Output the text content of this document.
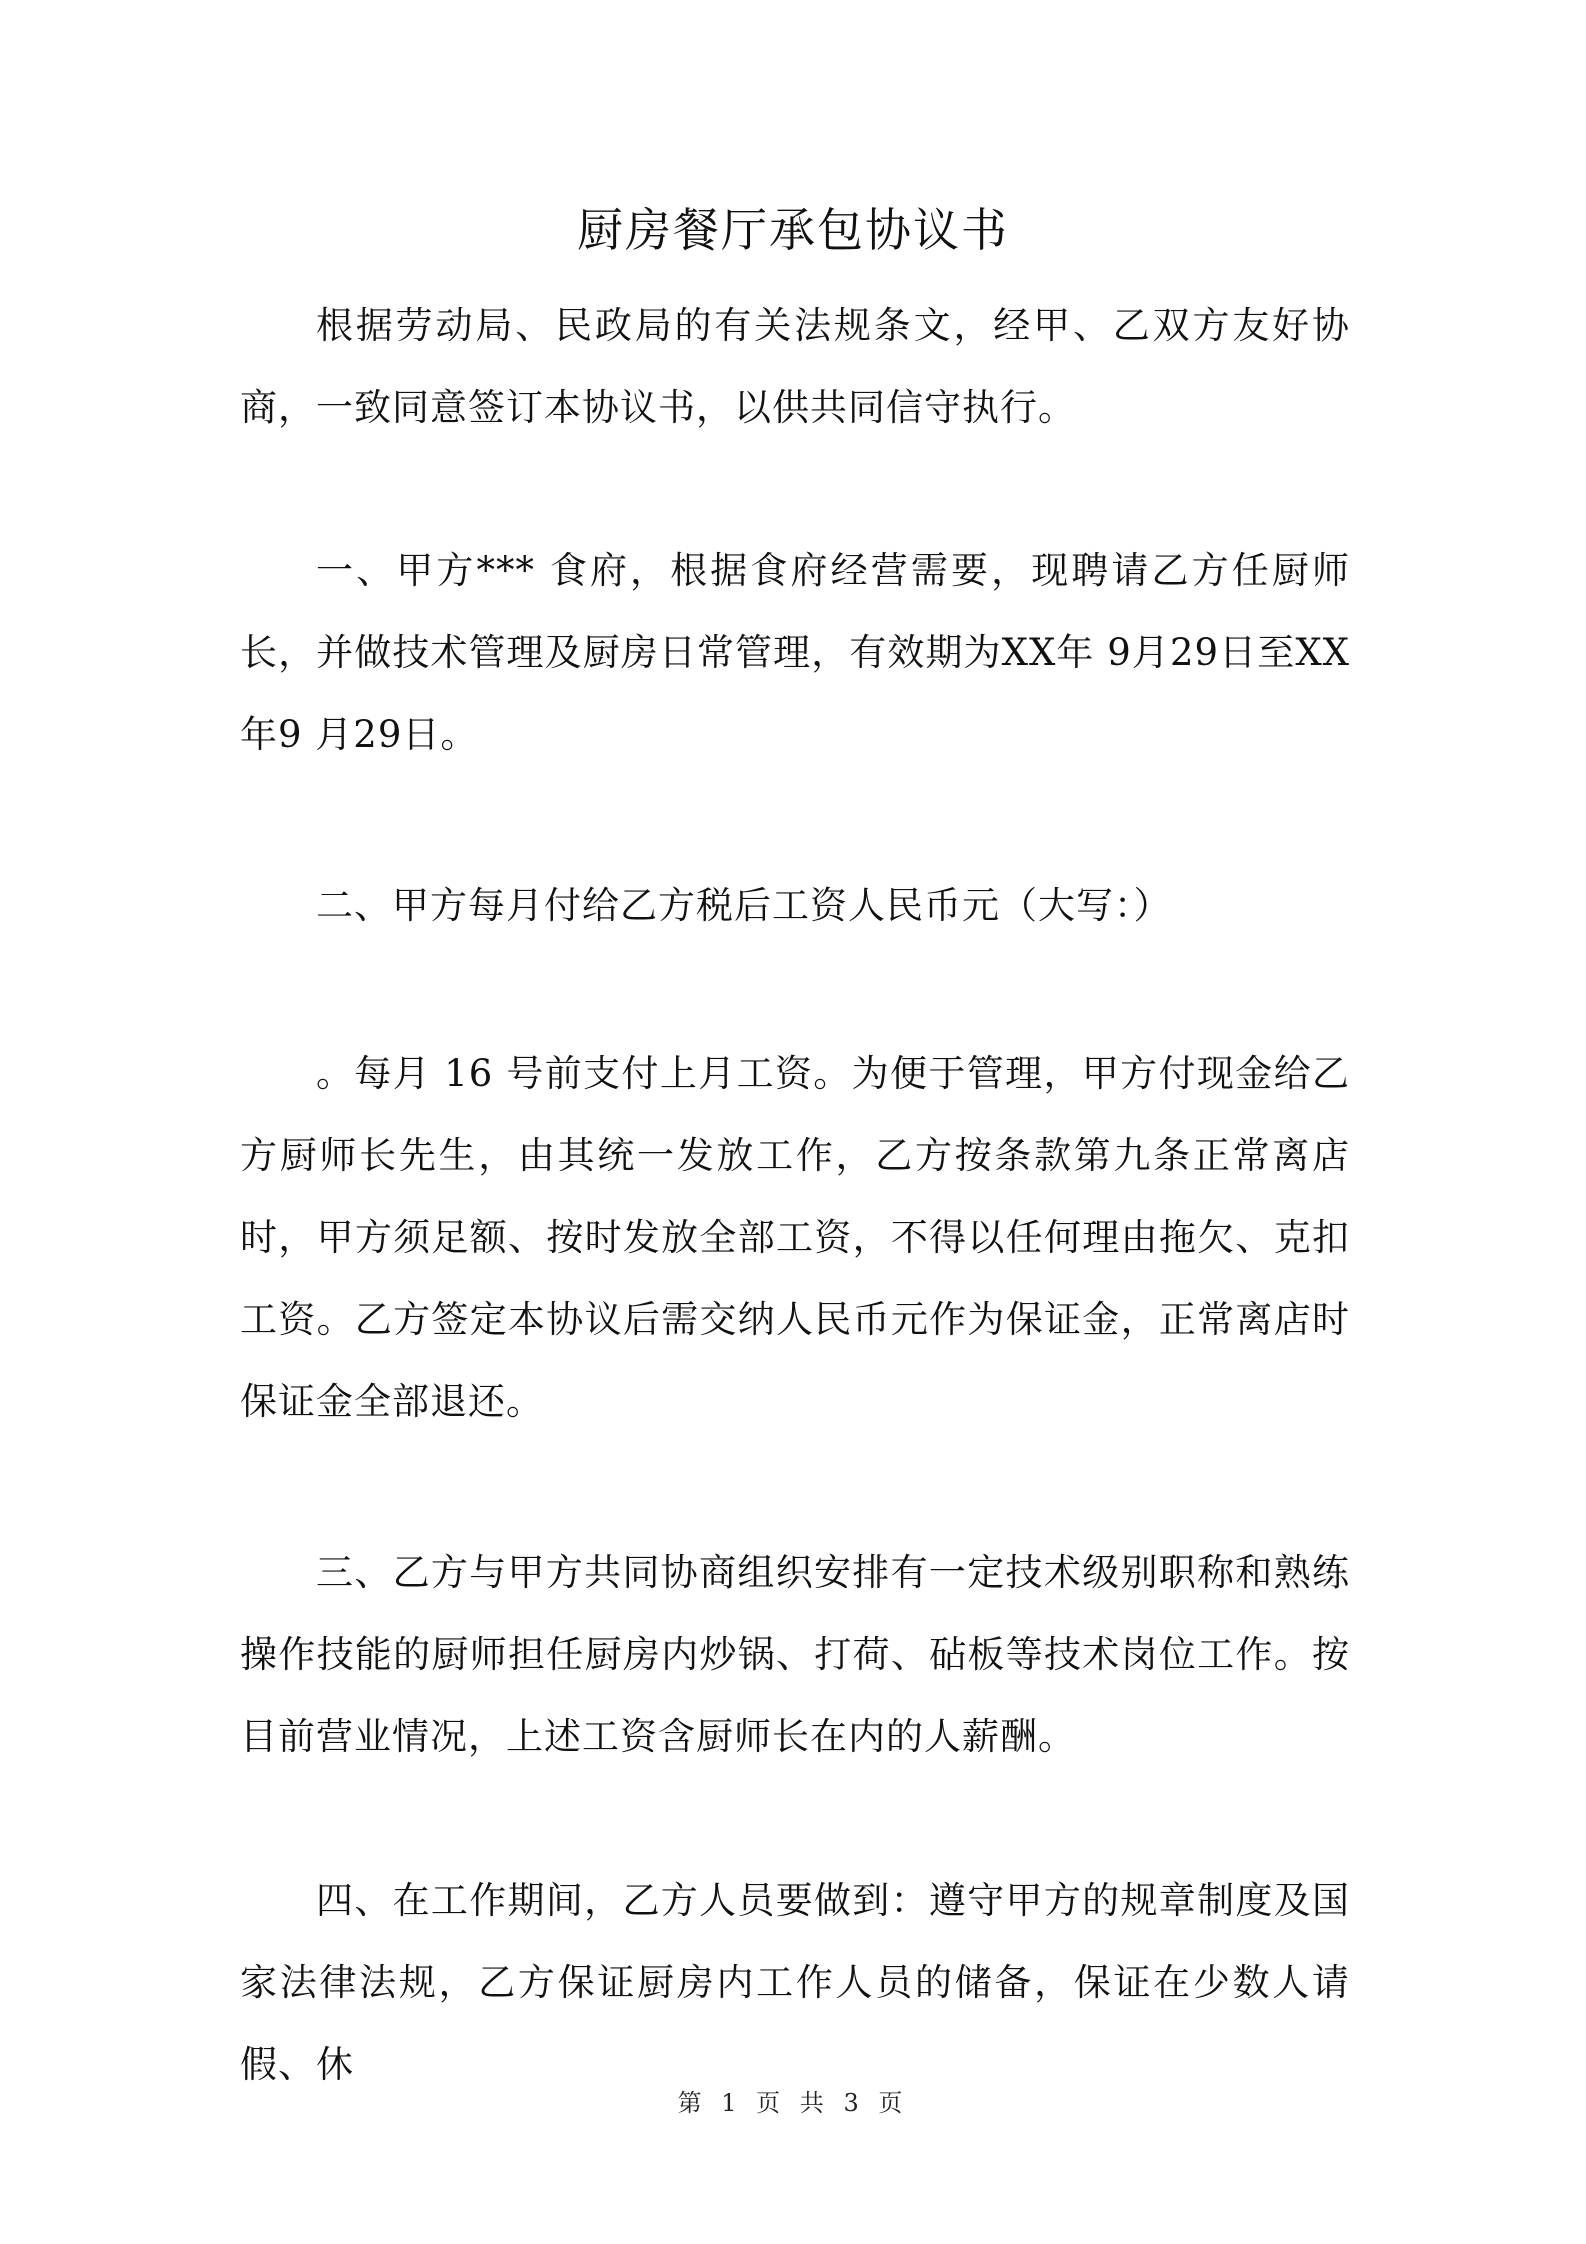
厨房餐厅承包协议书

根据劳动局、民政局的有关法规条文，经甲、乙双方友好协商，一致同意签订本协议书，以供共同信守执行。

一、甲方*** 食府，根据食府经营需要，现聘请乙方任厨师长，并做技术管理及厨房日常管理，有效期为XX年 9月29日至XX年9 月29日。

二、甲方每月付给乙方税后工资人民币元（大写：）

。每月 16 号前支付上月工资。为便于管理，甲方付现金给乙方厨师长先生，由其统一发放工作，乙方按条款第九条正常离店时，甲方须足额、按时发放全部工资，不得以任何理由拖欠、克扣工资。乙方签定本协议后需交纳人民币元作为保证金，正常离店时保证金全部退还。

三、乙方与甲方共同协商组织安排有一定技术级别职称和熟练操作技能的厨师担任厨房内炒锅、打荷、砧板等技术岗位工作。按目前营业情况，上述工资含厨师长在内的人薪酬。

四、在工作期间，乙方人员要做到：遵守甲方的规章制度及国家法律法规，乙方保证厨房内工作人员的储备，保证在少数人请假、休

第 1 页 共 3 页
